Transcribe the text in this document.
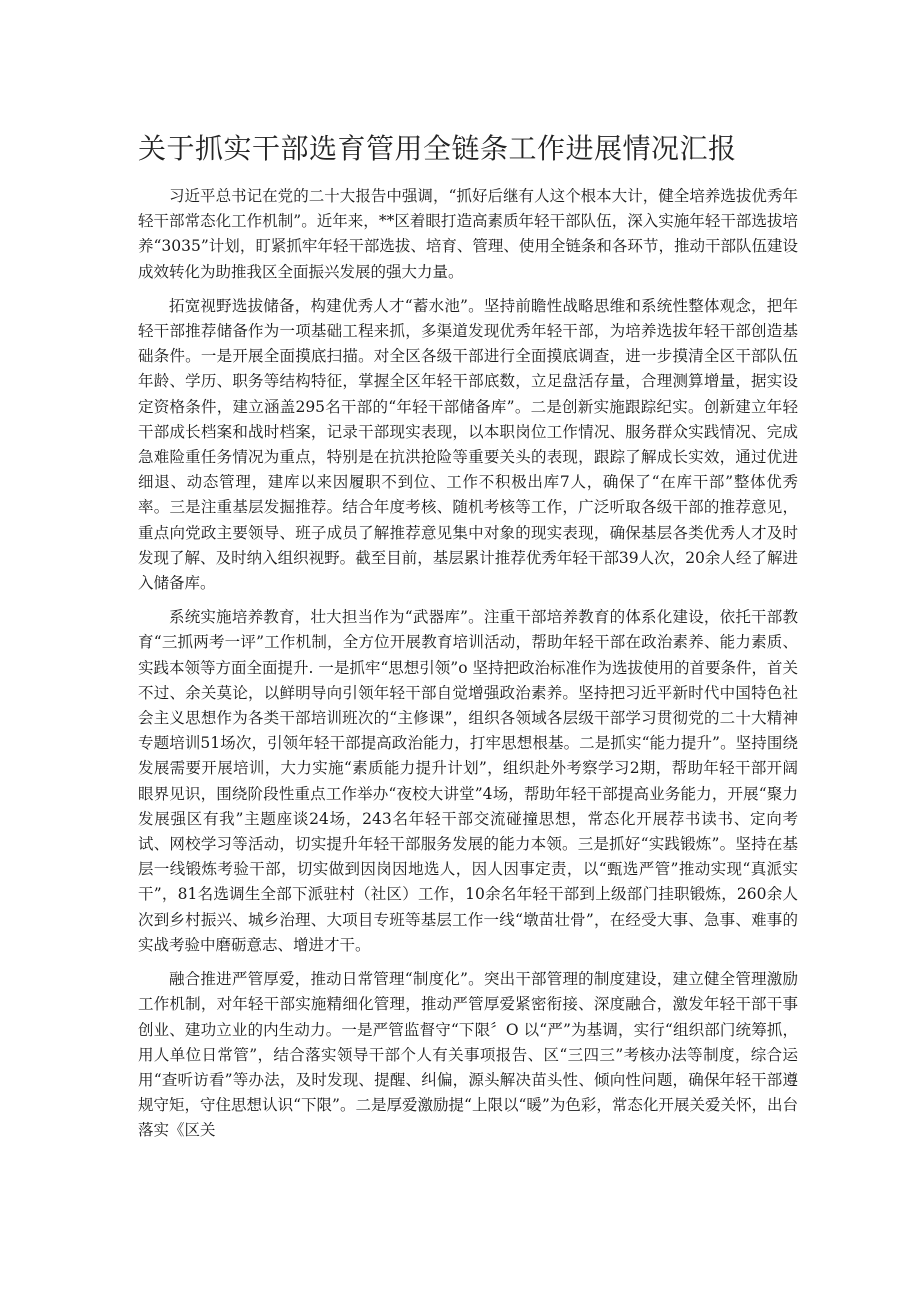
关于抓实干部选育管用全链条工作进展情况汇报

习近平总书记在党的二十大报告中强调，“抓好后继有人这个根本大计，健全培养选拔优秀年轻干部常态化工作机制”。近年来，**区着眼打造高素质年轻干部队伍，深入实施年轻干部选拔培养“3035”计划，盯紧抓牢年轻干部选拔、培育、管理、使用全链条和各环节，推动干部队伍建设成效转化为助推我区全面振兴发展的强大力量。

拓宽视野选拔储备，构建优秀人才“蓄水池”。坚持前瞻性战略思维和系统性整体观念，把年轻干部推荐储备作为一项基础工程来抓，多渠道发现优秀年轻干部，为培养选拔年轻干部创造基础条件。一是开展全面摸底扫描。对全区各级干部进行全面摸底调查，进一步摸清全区干部队伍年龄、学历、职务等结构特征，掌握全区年轻干部底数，立足盘活存量，合理测算增量，据实设定资格条件，建立涵盖295名干部的“年轻干部储备库”。二是创新实施跟踪纪实。创新建立年轻干部成长档案和战时档案，记录干部现实表现，以本职岗位工作情况、服务群众实践情况、完成急难险重任务情况为重点，特别是在抗洪抢险等重要关头的表现，跟踪了解成长实效，通过优进细退、动态管理，建库以来因履职不到位、工作不积极出库7人，确保了“在库干部”整体优秀率。三是注重基层发掘推荐。结合年度考核、随机考核等工作，广泛听取各级干部的推荐意见，重点向党政主要领导、班子成员了解推荐意见集中对象的现实表现，确保基层各类优秀人才及时发现了解、及时纳入组织视野。截至目前，基层累计推荐优秀年轻干部39人次，20余人经了解进入储备库。

系统实施培养教育，壮大担当作为“武器库”。注重干部培养教育的体系化建设，依托干部教育“三抓两考一评”工作机制，全方位开展教育培训活动，帮助年轻干部在政治素养、能力素质、实践本领等方面全面提升. 一是抓牢“思想引领”o 坚持把政治标准作为选拔使用的首要条件，首关不过、余关莫论，以鲜明导向引领年轻干部自觉增强政治素养。坚持把习近平新时代中国特色社会主义思想作为各类干部培训班次的“主修课”，组织各领域各层级干部学习贯彻党的二十大精神专题培训51场次，引领年轻干部提高政治能力，打牢思想根基。二是抓实“能力提升”。坚持围绕发展需要开展培训，大力实施“素质能力提升计划”，组织赴外考察学习2期，帮助年轻干部开阔眼界见识，围绕阶段性重点工作举办“夜校大讲堂”4场，帮助年轻干部提高业务能力，开展“聚力发展强区有我”主题座谈24场，243名年轻干部交流碰撞思想，常态化开展荐书读书、定向考试、网校学习等活动，切实提升年轻干部服务发展的能力本领。三是抓好“实践锻炼”。坚持在基层一线锻炼考验干部，切实做到因岗因地选人，因人因事定责，以“甄选严管”推动实现“真派实干”，81名选调生全部下派驻村（社区）工作，10余名年轻干部到上级部门挂职锻炼，260余人次到乡村振兴、城乡治理、大项目专班等基层工作一线“墩苗壮骨”，在经受大事、急事、难事的实战考验中磨砺意志、增进才干。

融合推进严管厚爱，推动日常管理“制度化”。突出干部管理的制度建设，建立健全管理激励工作机制，对年轻干部实施精细化管理，推动严管厚爱紧密衔接、深度融合，激发年轻干部干事创业、建功立业的内生动力。一是严管监督守“下限〞O 以“严”为基调，实行“组织部门统筹抓，用人单位日常管”，结合落实领导干部个人有关事项报告、区“三四三”考核办法等制度，综合运用“查听访看”等办法，及时发现、提醒、纠偏，源头解决苗头性、倾向性问题，确保年轻干部遵规守矩，守住思想认识“下限”。二是厚爱激励提“上限以“暖”为色彩，常态化开展关爱关怀，出台落实《区关
